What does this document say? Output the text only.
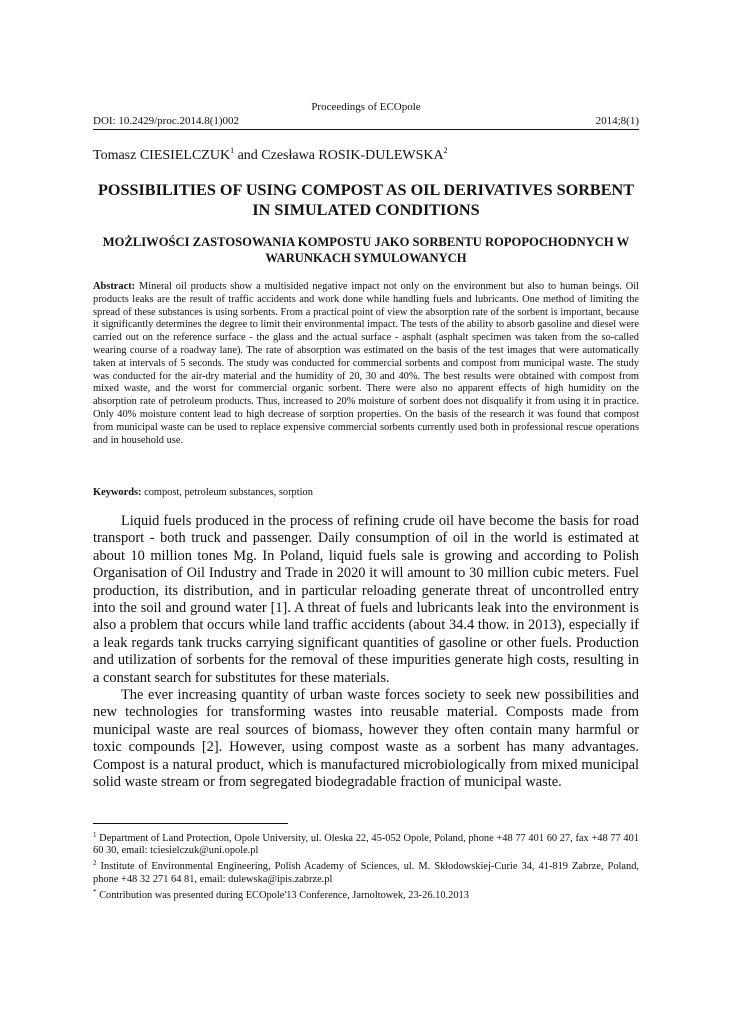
Proceedings of ECOpole
DOI: 10.2429/proc.2014.8(1)002	2014;8(1)
Tomasz CIESIELCZUK$^1$ and Czesława ROSIK-DULEWSKA$^2$
POSSIBILITIES OF USING COMPOST AS OIL DERIVATIVES SORBENT IN SIMULATED CONDITIONS
MOŻLIWOŚCI ZASTOSOWANIA KOMPOSTU JAKO SORBENTU ROPOPOCHODNYCH W WARUNKACH SYMULOWANYCH
Abstract: Mineral oil products show a multisided negative impact not only on the environment but also to human beings. Oil products leaks are the result of traffic accidents and work done while handling fuels and lubricants. One method of limiting the spread of these substances is using sorbents. From a practical point of view the absorption rate of the sorbent is important, because it significantly determines the degree to limit their environmental impact. The tests of the ability to absorb gasoline and diesel were carried out on the reference surface - the glass and the actual surface - asphalt (asphalt specimen was taken from the so-called wearing course of a roadway lane). The rate of absorption was estimated on the basis of the test images that were automatically taken at intervals of 5 seconds. The study was conducted for commercial sorbents and compost from municipal waste. The study was conducted for the air-dry material and the humidity of 20, 30 and 40%. The best results were obtained with compost from mixed waste, and the worst for commercial organic sorbent. There were also no apparent effects of high humidity on the absorption rate of petroleum products. Thus, increased to 20% moisture of sorbent does not disqualify it from using it in practice. Only 40% moisture content lead to high decrease of sorption properties. On the basis of the research it was found that compost from municipal waste can be used to replace expensive commercial sorbents currently used both in professional rescue operations and in household use.
Keywords: compost, petroleum substances, sorption

Liquid fuels produced in the process of refining crude oil have become the basis for road transport - both truck and passenger. Daily consumption of oil in the world is estimated at about 10 million tones Mg. In Poland, liquid fuels sale is growing and according to Polish Organisation of Oil Industry and Trade in 2020 it will amount to 30 million cubic meters. Fuel production, its distribution, and in particular reloading generate threat of uncontrolled entry into the soil and ground water [1]. A threat of fuels and lubricants leak into the environment is also a problem that occurs while land traffic accidents (about 34.4 thow. in 2013), especially if a leak regards tank trucks carrying significant quantities of gasoline or other fuels. Production and utilization of sorbents for the removal of these impurities generate high costs, resulting in a constant search for substitutes for these materials.

The ever increasing quantity of urban waste forces society to seek new possibilities and new technologies for transforming wastes into reusable material. Composts made from municipal waste are real sources of biomass, however they often contain many harmful or toxic compounds [2]. However, using compost waste as a sorbent has many advantages. Compost is a natural product, which is manufactured microbiologically from mixed municipal solid waste stream or from segregated biodegradable fraction of municipal waste.

$^1$ Department of Land Protection, Opole University, ul. Oleska 22, 45-052 Opole, Poland, phone +48 77 401 60 27, fax +48 77 401 60 30, email: tciesielczuk@uni.opole.pl
$^2$ Institute of Environmental Engineering, Polish Academy of Sciences, ul. M. Skłodowskiej-Curie 34, 41-819 Zabrze, Poland, phone +48 32 271 64 81, email: dulewska@ipis.zabrze.pl
* Contribution was presented during ECOpole'13 Conference, Jarnoltowek, 23-26.10.2013
